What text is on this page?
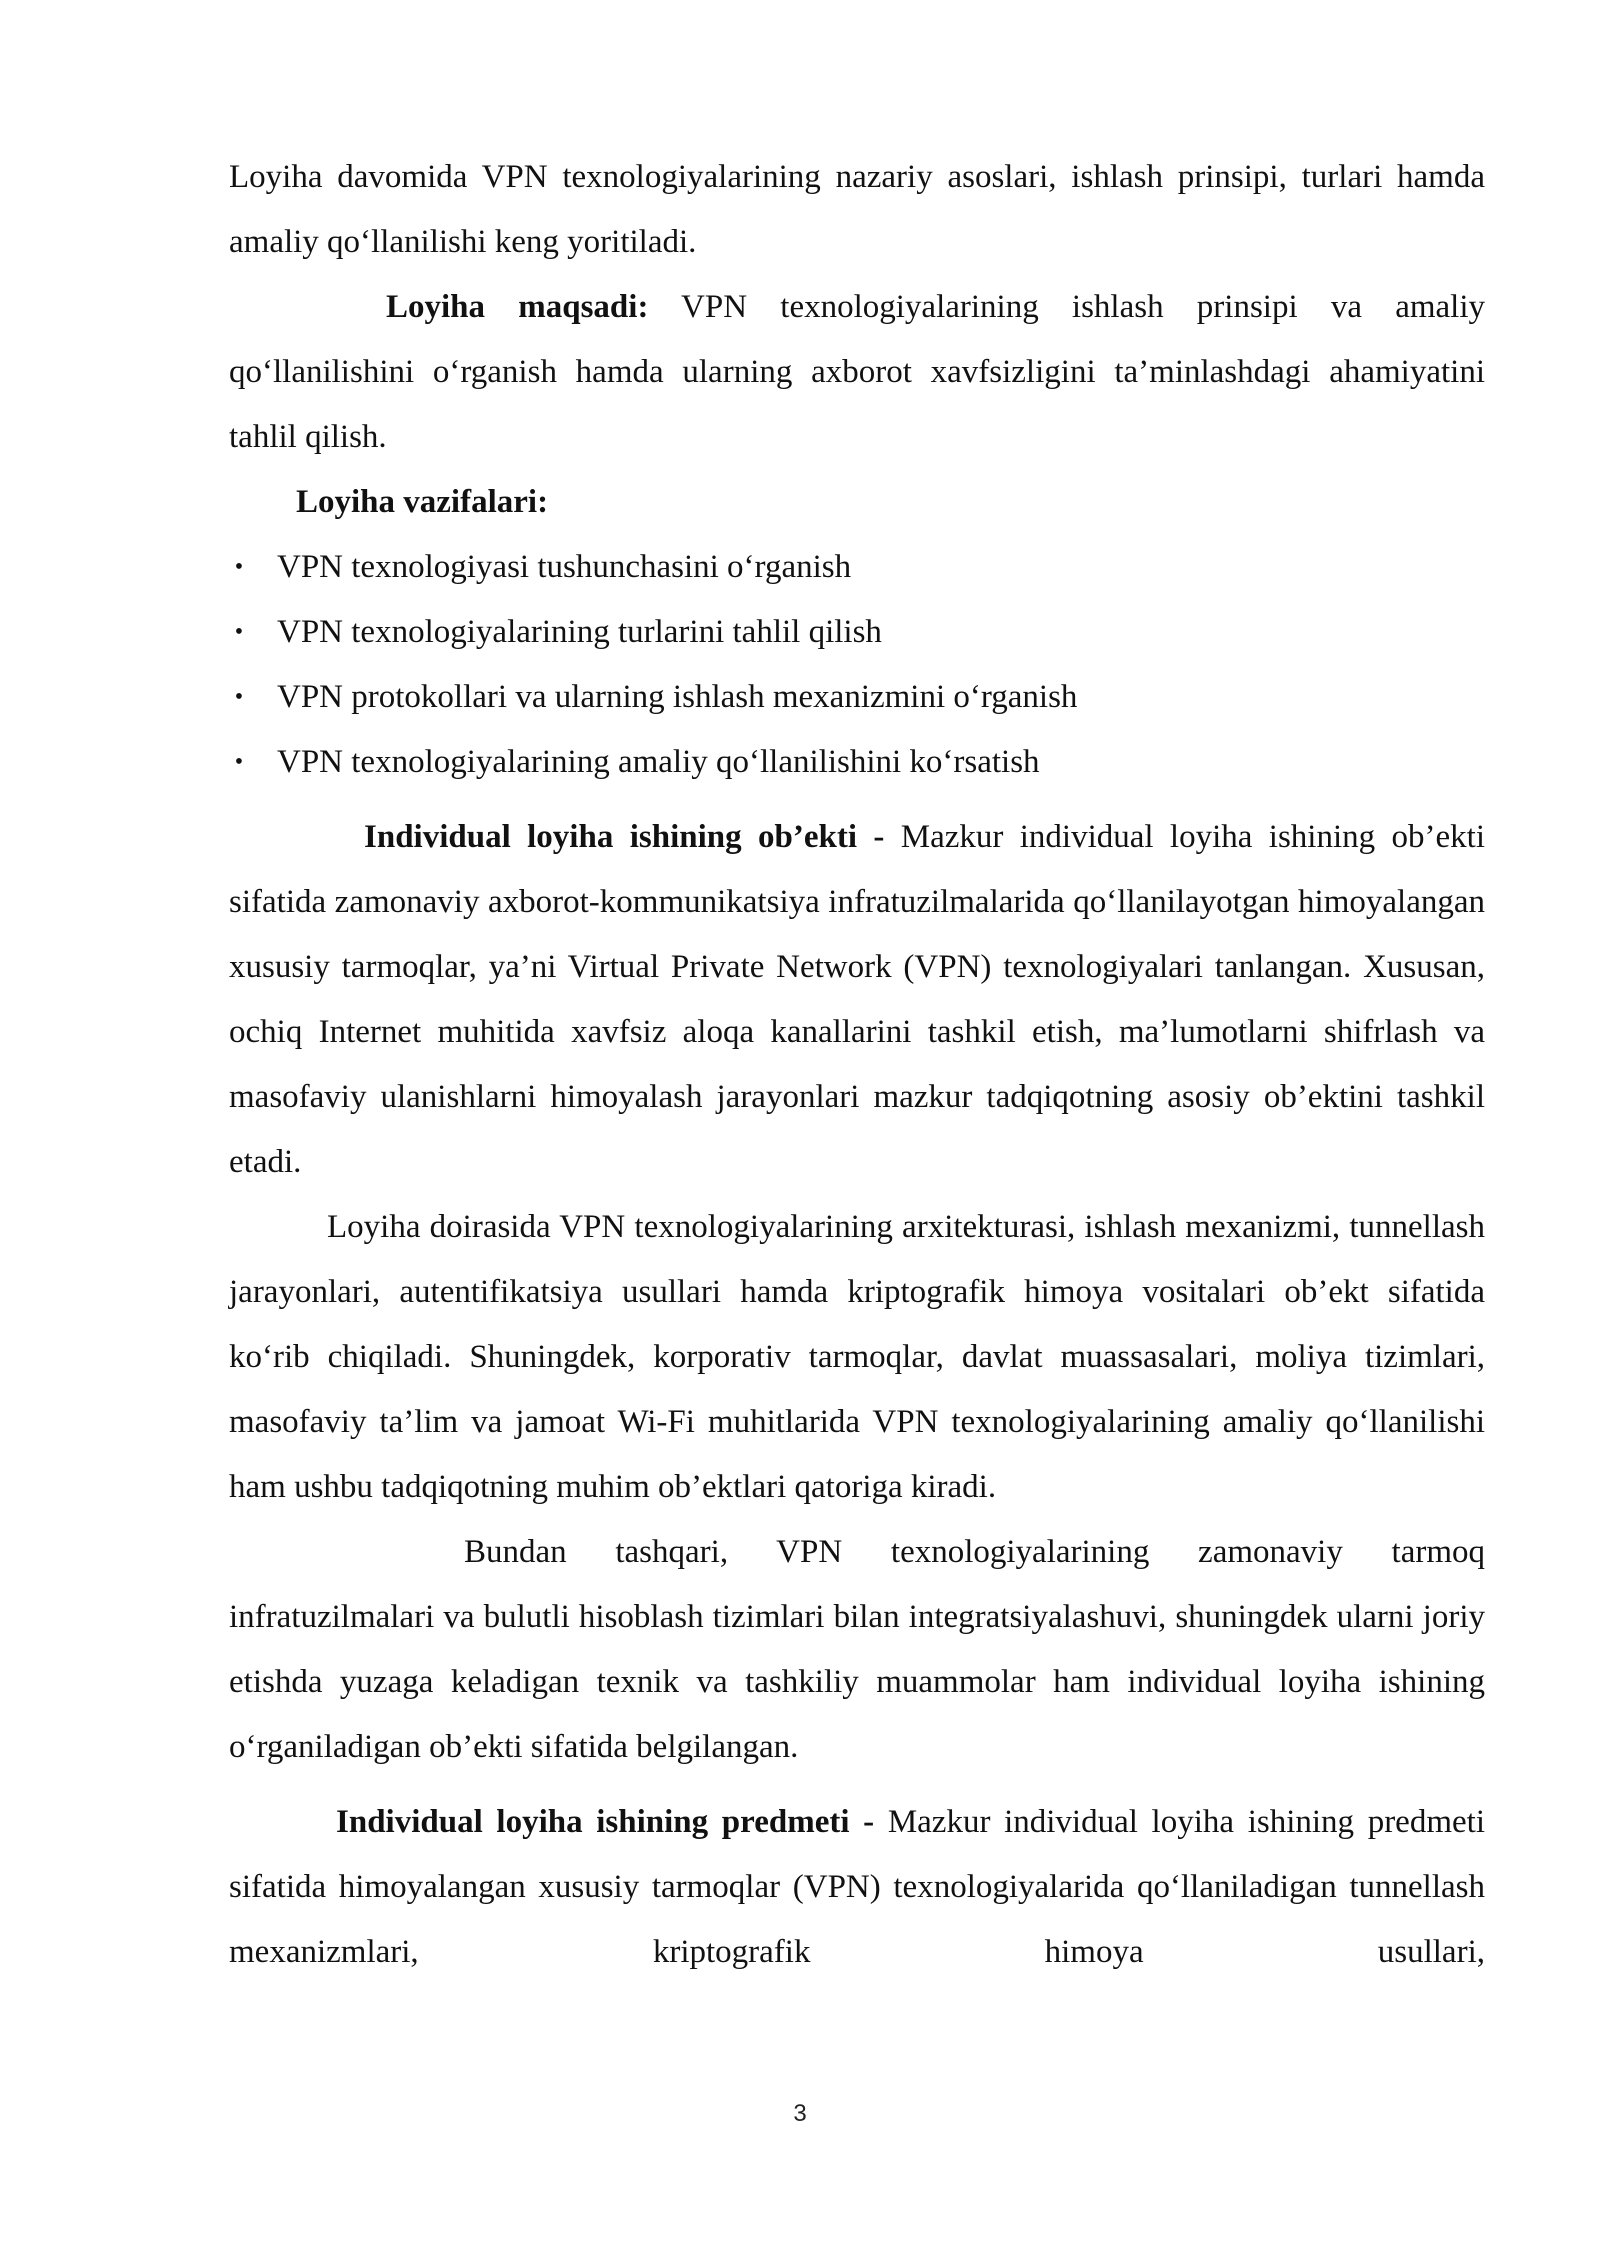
Loyiha davomida VPN texnologiyalarining nazariy asoslari, ishlash prinsipi, turlari hamda amaliy qo‘llanilishi keng yoritiladi.

Loyiha maqsadi: VPN texnologiyalarining ishlash prinsipi va amaliy qo‘llanilishini o‘rganish hamda ularning axborot xavfsizligini ta’minlashdagi ahamiyatini tahlil qilish.

Loyiha vazifalari:

• VPN texnologiyasi tushunchasini o‘rganish
• VPN texnologiyalarining turlarini tahlil qilish
• VPN protokollari va ularning ishlash mexanizmini o‘rganish
• VPN texnologiyalarining amaliy qo‘llanilishini ko‘rsatish

Individual loyiha ishining ob’ekti - Mazkur individual loyiha ishining ob’ekti sifatida zamonaviy axborot-kommunikatsiya infratuzilmalarida qo‘llanilayotgan himoyalangan xususiy tarmoqlar, ya’ni Virtual Private Network (VPN) texnologiyalari tanlangan. Xususan, ochiq Internet muhitida xavfsiz aloqa kanallarini tashkil etish, ma’lumotlarni shifrlash va masofaviy ulanishlarni himoyalash jarayonlari mazkur tadqiqotning asosiy ob’ektini tashkil etadi.

Loyiha doirasida VPN texnologiyalarining arxitekturasi, ishlash mexanizmi, tunnellash jarayonlari, autentifikatsiya usullari hamda kriptografik himoya vositalari ob’ekt sifatida ko‘rib chiqiladi. Shuningdek, korporativ tarmoqlar, davlat muassasalari, moliya tizimlari, masofaviy ta’lim va jamoat Wi-Fi muhitlarida VPN texnologiyalarining amaliy qo‘llanilishi ham ushbu tadqiqotning muhim ob’ektlari qatoriga kiradi.

Bundan tashqari, VPN texnologiyalarining zamonaviy tarmoq infratuzilmalari va bulutli hisoblash tizimlari bilan integratsiyalashuvi, shuningdek ularni joriy etishda yuzaga keladigan texnik va tashkiliy muammolar ham individual loyiha ishining o‘rganiladigan ob’ekti sifatida belgilangan.

Individual loyiha ishining predmeti - Mazkur individual loyiha ishining predmeti sifatida himoyalangan xususiy tarmoqlar (VPN) texnologiyalarida qo‘llaniladigan tunnellash mexanizmlari, kriptografik himoya usullari,

3
